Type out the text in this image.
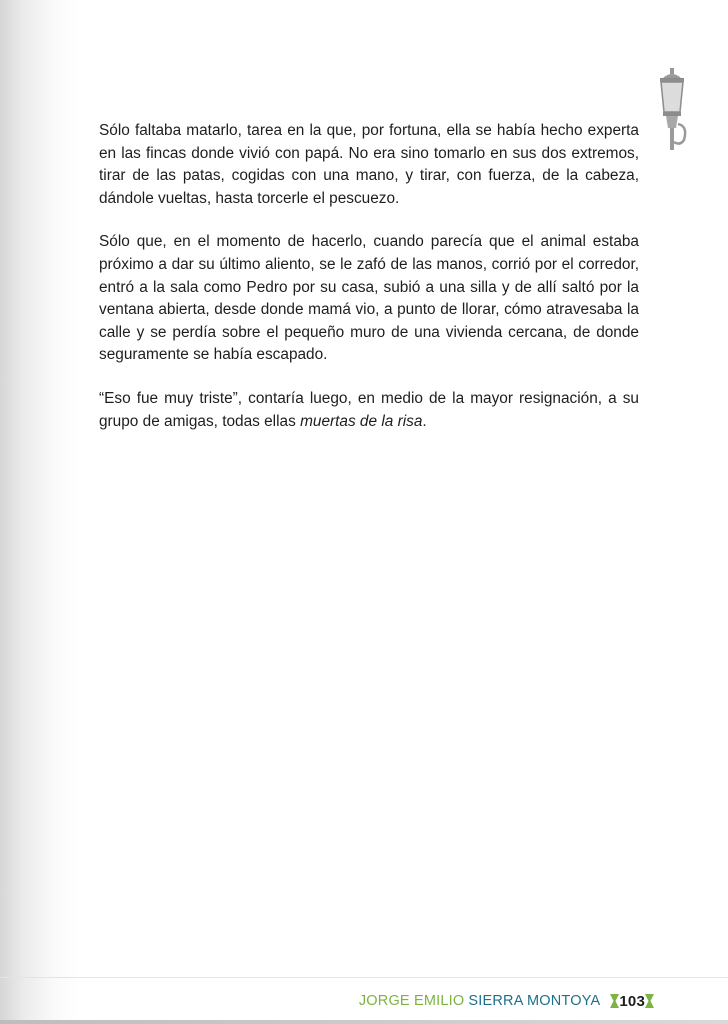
Sólo faltaba matarlo, tarea en la que, por fortuna, ella se había hecho experta en las fincas donde vivió con papá. No era sino tomarlo en sus dos extremos, tirar de las patas, cogidas con una mano, y tirar, con fuerza, de la cabeza, dándole vueltas, hasta torcerle el pescuezo.

Sólo que, en el momento de hacerlo, cuando parecía que el animal estaba próximo a dar su último aliento, se le zafó de las manos, corrió por el corredor, entró a la sala como Pedro por su casa, subió a una silla y de allí saltó por la ventana abierta, desde donde mamá vio, a punto de llorar, cómo atravesaba la calle y se perdía sobre el pequeño muro de una vivienda cercana, de donde seguramente se había escapado.

“Eso fue muy triste”, contaría luego, en medio de la mayor resignación, a su grupo de amigas, todas ellas muertas de la risa.

JORGE EMILIO SIERRA MONTOYA 103
